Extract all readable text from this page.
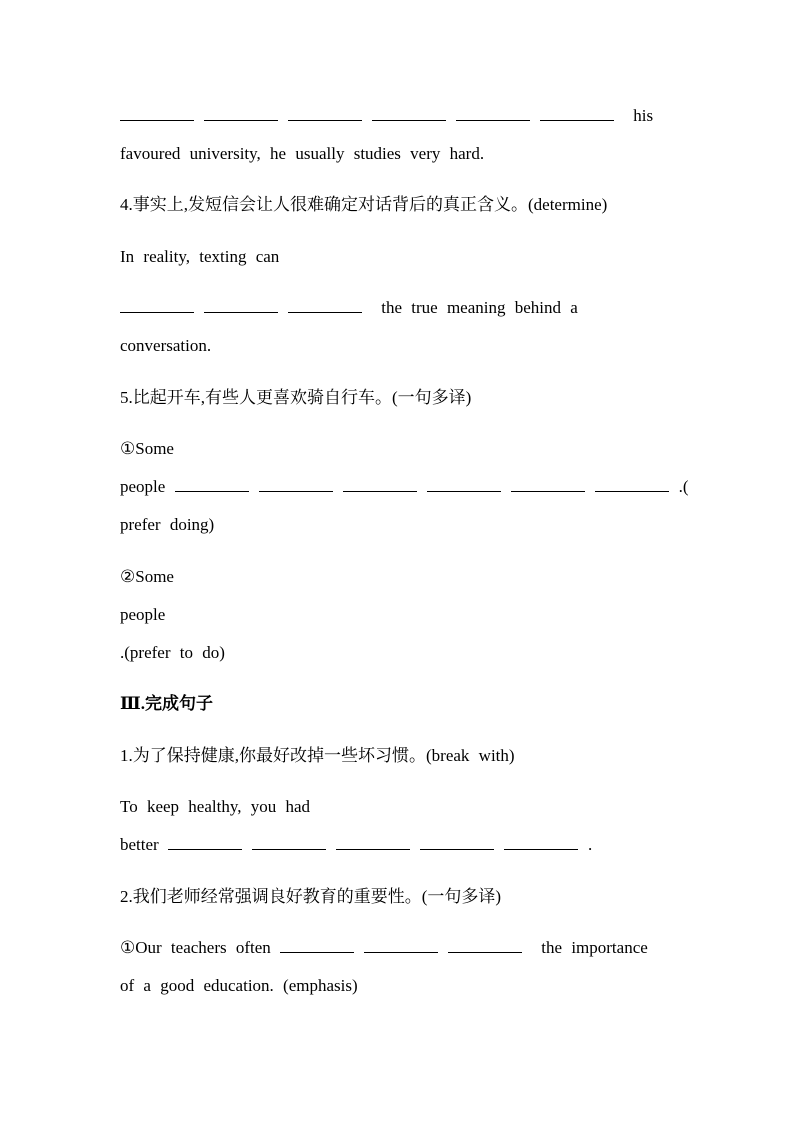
his
favoured university, he usually studies very hard.
4.事实上,发短信会让人很难确定对话背后的真正含义。(determine)
In reality, texting can
the true meaning behind a
conversation.
5.比起开车,有些人更喜欢骑自行车。(一句多译)
①Some
people	.(
prefer doing)
②Some
people
.(prefer to do)
Ⅲ.完成句子
1.为了保持健康,你最好改掉一些坏习惯。(break with)
To keep healthy, you had
better	.
2.我们老师经常强调良好教育的重要性。(一句多译)
①Our teachers often	the importance
of a good education. (emphasis)
